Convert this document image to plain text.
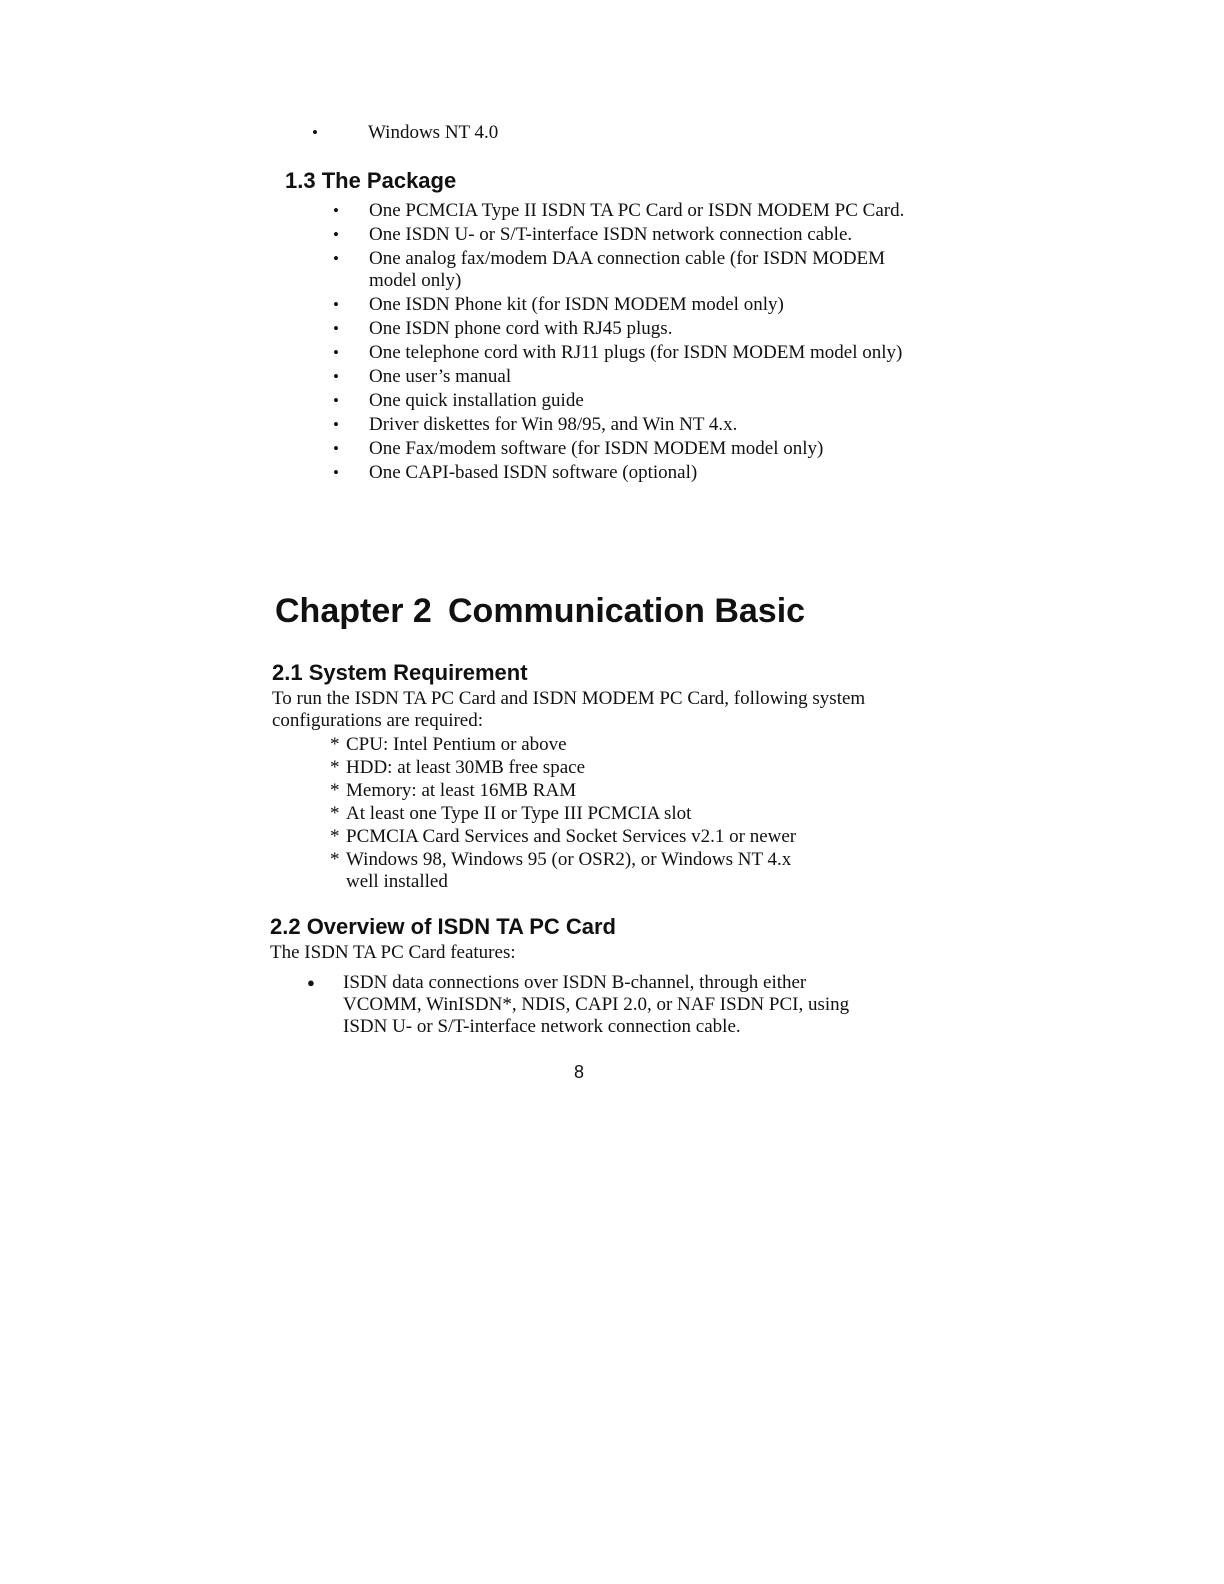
•	Windows NT 4.0
1.3 The Package
• One PCMCIA Type II ISDN TA PC Card or ISDN MODEM PC Card.
• One ISDN U- or S/T-interface ISDN network connection cable.
• One analog fax/modem DAA connection cable (for ISDN MODEM model only)
• One ISDN Phone kit (for ISDN MODEM model only)
• One ISDN phone cord with RJ45 plugs.
• One telephone cord with RJ11 plugs (for ISDN MODEM model only)
• One user’s manual
• One quick installation guide
• Driver diskettes for Win 98/95, and Win NT 4.x.
• One Fax/modem software (for ISDN MODEM model only)
• One CAPI-based ISDN software (optional)
Chapter 2 Communication Basic
2.1 System Requirement

To run the ISDN TA PC Card and ISDN MODEM PC Card, following system configurations are required:

* CPU: Intel Pentium or above
* HDD: at least 30MB free space
* Memory: at least 16MB RAM
* At least one Type II or Type III PCMCIA slot
* PCMCIA Card Services and Socket Services v2.1 or newer
* Windows 98, Windows 95 (or OSR2), or Windows NT 4.x well installed
2.2 Overview of ISDN TA PC Card

The ISDN TA PC Card features:

● ISDN data connections over ISDN B-channel, through either VCOMM, WinISDN*, NDIS, CAPI 2.0, or NAF ISDN PCI, using ISDN U- or S/T-interface network connection cable.
8
